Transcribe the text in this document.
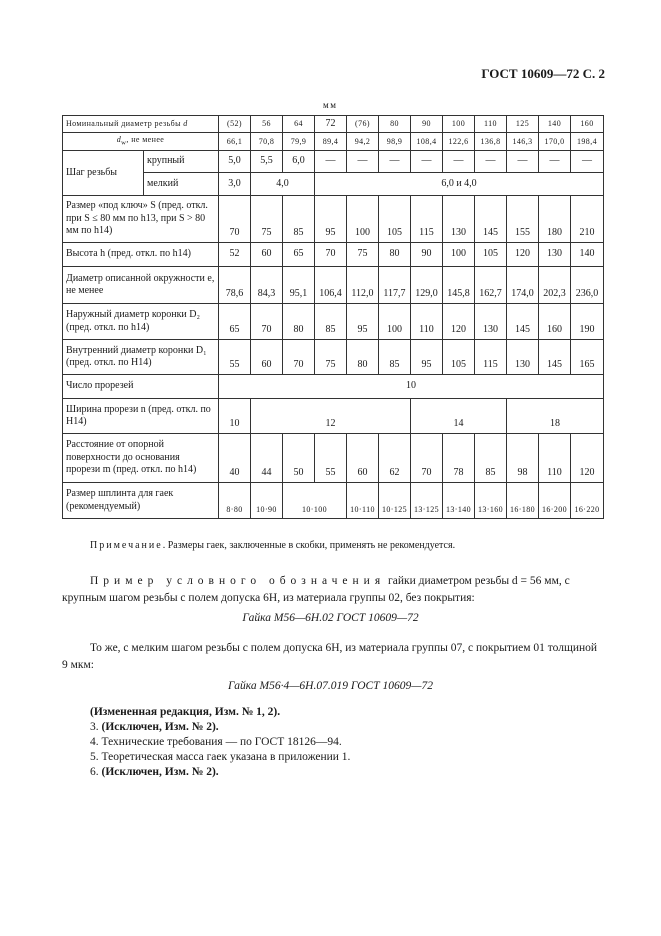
ГОСТ 10609—72 С. 2
мм
Номинальный диаметр резьбы d		(52)	56	64	72	(76)	80	90	100	110	125	140	160
$d_w$, не менее		66,1	70,8	79,9	89,4	94,2	98,9	108,4	122,6	136,8	146,3	170,0	198,4
Шаг резьбы	крупный	5,0	5,5	6,0	—	—	—	—	—	—	—	—	—
	мелкий	3,0	4,0		6,0 и 4,0								
Размер «под ключ» S (пред. откл. при S ≤ 80 мм по h13, при S > 80 мм по h14)		70	75	85	95	100	105	115	130	145	155	180	210
Высота h (пред. откл. по h14)		52	60	65	70	75	80	90	100	105	120	130	140
Диаметр описанной окружности e, не менее		78,6	84,3	95,1	106,4	112,0	117,7	129,0	145,8	162,7	174,0	202,3	236,0
Наружный диаметр коронки D₂ (пред. откл. по h14)		65	70	80	85	95	100	110	120	130	145	160	190
Внутренний диаметр коронки D₁ (пред. откл. по H14)		55	60	70	75	80	85	95	105	115	130	145	165
Число прорезей		10											
Ширина прорези n (пред. откл. по H14)		10	12					14			18		
Расстояние от опорной поверхности до основания прорези m (пред. откл. по h14)		40	44	50	55	60	62	70	78	85	98	110	120
Размер шплинта для гаек (рекомендуемый)		8·80	10·90	10·100		10·110	10·125	13·125	13·140	13·160	16·180	16·200	16·220
Примечание. Размеры гаек, заключенные в скобки, применять не рекомендуется.
Пример условного обозначения гайки диаметром резьбы d = 56 мм, с крупным шагом резьбы с полем допуска 6H, из материала группы 02, без покрытия:
Гайка М56—6Н.02 ГОСТ 10609—72
То же, с мелким шагом резьбы с полем допуска 6Н, из материала группы 07, с покрытием 01 толщиной 9 мкм:
Гайка М56·4—6Н.07.019 ГОСТ 10609—72
(Измененная редакция, Изм. № 1, 2).
3. (Исключен, Изм. № 2).
4. Технические требования — по ГОСТ 18126—94.
5. Теоретическая масса гаек указана в приложении 1.
6. (Исключен, Изм. № 2).
